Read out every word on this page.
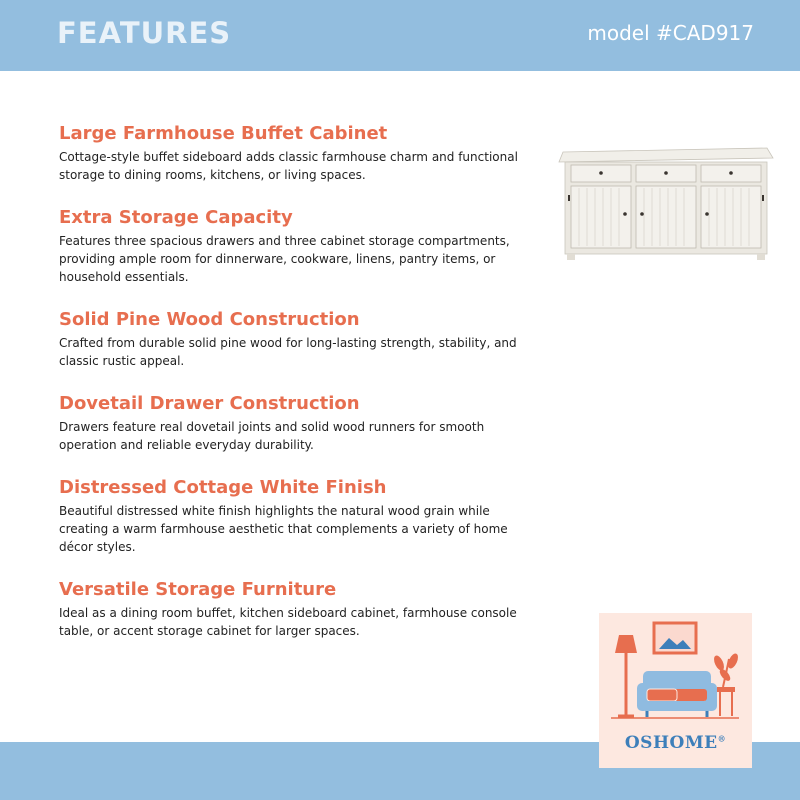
FEATURES	model #CAD917
Large Farmhouse Buffet Cabinet
Cottage-style buffet sideboard adds classic farmhouse charm and functional storage to dining rooms, kitchens, or living spaces.
Extra Storage Capacity
Features three spacious drawers and three cabinet storage compartments, providing ample room for dinnerware, cookware, linens, pantry items, or household essentials.
Solid Pine Wood Construction
Crafted from durable solid pine wood for long-lasting strength, stability, and classic rustic appeal.
Dovetail Drawer Construction
Drawers feature real dovetail joints and solid wood runners for smooth operation and reliable everyday durability.
Distressed Cottage White Finish
Beautiful distressed white finish highlights the natural wood grain while creating a warm farmhouse aesthetic that complements a variety of home décor styles.
Versatile Storage Furniture
Ideal as a dining room buffet, kitchen sideboard cabinet, farmhouse console table, or accent storage cabinet for larger spaces.
OSHOME®
